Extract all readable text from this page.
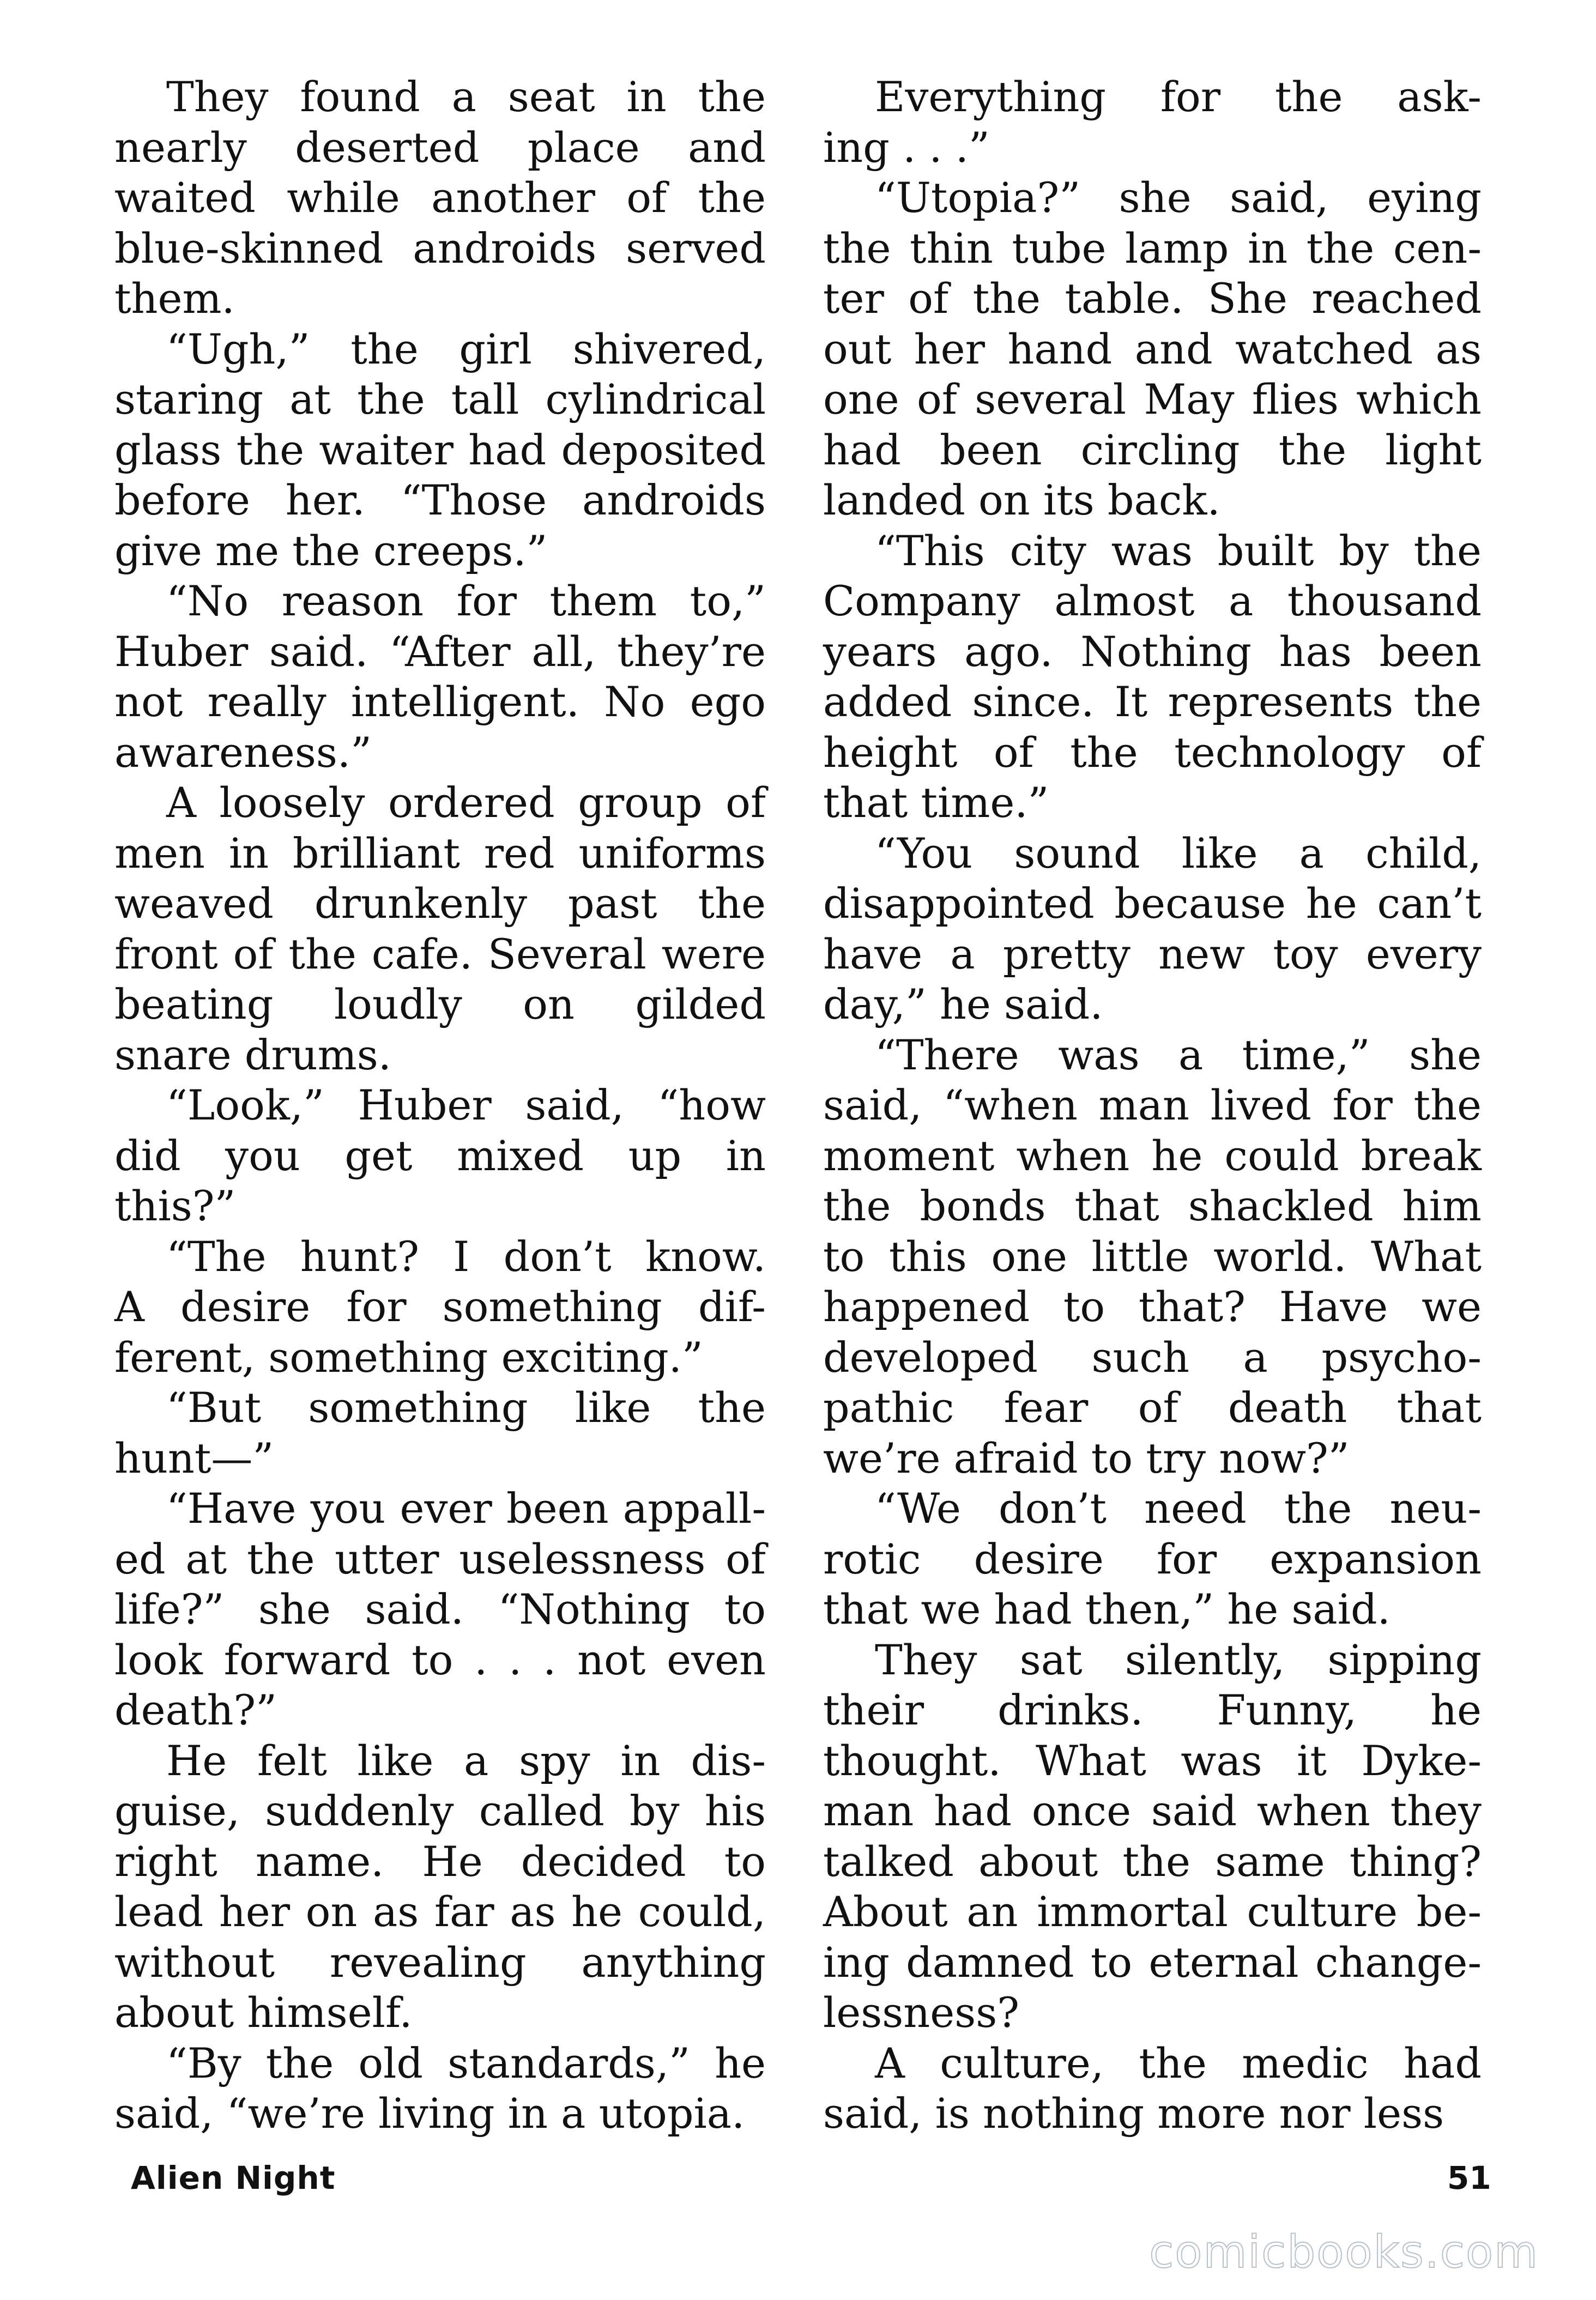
They found a seat in the
nearly deserted place and
waited while another of the
blue-skinned androids served
them.
“Ugh,” the girl shivered,
staring at the tall cylindrical
glass the waiter had deposited
before her. “Those androids
give me the creeps.”
“No reason for them to,”
Huber said. “After all, they’re
not really intelligent. No ego
awareness.”
A loosely ordered group of
men in brilliant red uniforms
weaved drunkenly past the
front of the cafe. Several were
beating loudly on gilded
snare drums.
“Look,” Huber said, “how
did you get mixed up in
this?”
“The hunt? I don’t know.
A desire for something dif-
ferent, something exciting.”
“But something like the
hunt—”
“Have you ever been appall-
ed at the utter uselessness of
life?” she said. “Nothing to
look forward to . . . not even
death?”
He felt like a spy in dis-
guise, suddenly called by his
right name. He decided to
lead her on as far as he could,
without revealing anything
about himself.
“By the old standards,” he
said, “we’re living in a utopia.
Everything for the ask-
ing . . .”
“Utopia?” she said, eying
the thin tube lamp in the cen-
ter of the table. She reached
out her hand and watched as
one of several May flies which
had been circling the light
landed on its back.
“This city was built by the
Company almost a thousand
years ago. Nothing has been
added since. It represents the
height of the technology of
that time.”
“You sound like a child,
disappointed because he can’t
have a pretty new toy every
day,” he said.
“There was a time,” she
said, “when man lived for the
moment when he could break
the bonds that shackled him
to this one little world. What
happened to that? Have we
developed such a psycho-
pathic fear of death that
we’re afraid to try now?”
“We don’t need the neu-
rotic desire for expansion
that we had then,” he said.
They sat silently, sipping
their drinks. Funny, he
thought. What was it Dyke-
man had once said when they
talked about the same thing?
About an immortal culture be-
ing damned to eternal change-
lessness?
A culture, the medic had
said, is nothing more nor less
Alien Night	51
comicbooks.com
